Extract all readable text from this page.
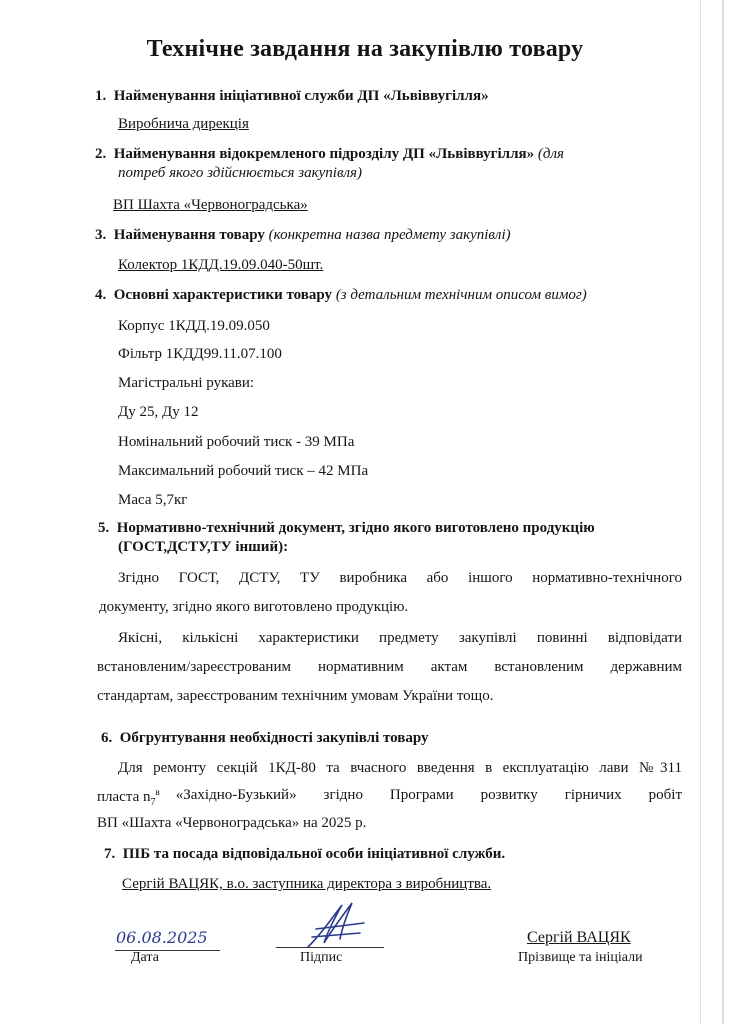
Технічне завдання на закупівлю товару
1. Найменування ініціативної служби ДП «Львіввугілля»
Виробнича дирекція
2. Найменування відокремленого підрозділу ДП «Львіввугілля» (для
потреб якого здійснюється закупівля)
ВП Шахта «Червоноградська»
3. Найменування товару (конкретна назва предмету закупівлі)
Колектор 1КДД.19.09.040-50шт.
4. Основні характеристики товару (з детальним технічним описом вимог)
Корпус 1КДД.19.09.050
Фільтр 1КДД99.11.07.100
Магістральні рукави:
Ду 25, Ду 12
Номінальний робочий тиск - 39 МПа
Максимальний робочий тиск – 42 МПа
Маса 5,7кг
5. Нормативно-технічний документ, згідно якого виготовлено продукцію
(ГОСТ,ДСТУ,ТУ інший):
Згідно ГОСТ, ДСТУ, ТУ виробника або іншого нормативно-технічного
документу, згідно якого виготовлено продукцію.
Якісні, кількісні характеристики предмету закупівлі повинні відповідати
встановленим/зареєстрованим нормативним актам встановленим державним
стандартам, зареєстрованим технічним умовам України тощо.
6. Обгрунтування необхідності закупівлі товару
Для ремонту секцій 1КД-80 та вчасного введення в експлуатацію лави №311
пласта $n_7^в$ «Західно-Бузький» згідно Програми розвитку гірничих робіт
ВП «Шахта «Червоноградська» на 2025 р.
7. ПІБ та посада відповідальної особи ініціативної служби.
Сергій ВАЦЯК, в.о. заступника директора з виробництва.
06.08.2025
Дата	Підпис
Сергій ВАЦЯК
Прізвище та ініціали
